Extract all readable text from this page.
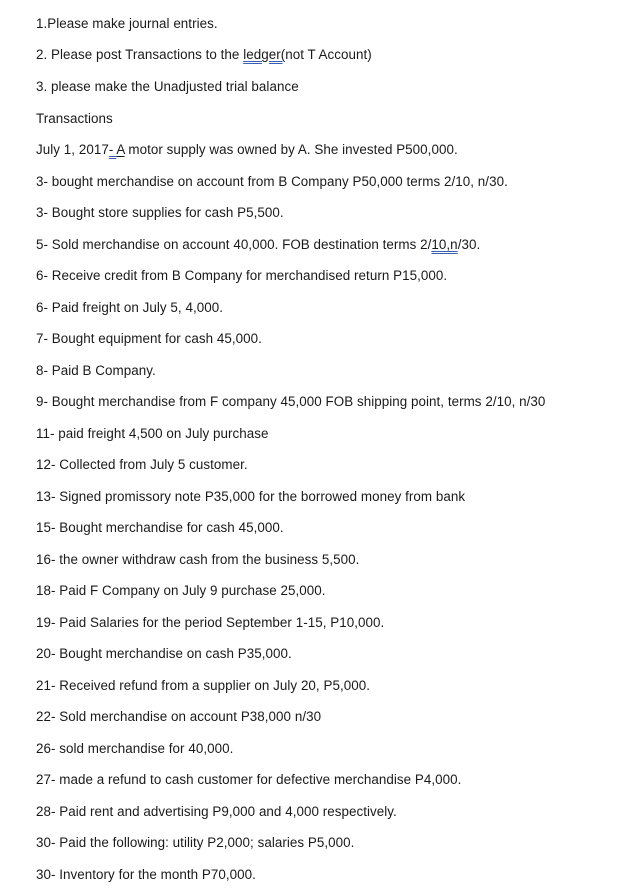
1.Please make journal entries.
2. Please post Transactions to the ledger(not T Account)
3. please make the Unadjusted trial balance
Transactions
July 1, 2017- A motor supply was owned by A. She invested P500,000.
3- bought merchandise on account from B Company P50,000 terms 2/10, n/30.
3- Bought store supplies for cash P5,500.
5- Sold merchandise on account 40,000. FOB destination terms 2/10,n/30.
6- Receive credit from B Company for merchandised return P15,000.
6- Paid freight on July 5, 4,000.
7- Bought equipment for cash 45,000.
8- Paid B Company.
9- Bought merchandise from F company 45,000 FOB shipping point, terms 2/10, n/30
11- paid freight 4,500 on July purchase
12- Collected from July 5 customer.
13- Signed promissory note P35,000 for the borrowed money from bank
15- Bought merchandise for cash 45,000.
16- the owner withdraw cash from the business 5,500.
18- Paid F Company on July 9 purchase 25,000.
19- Paid Salaries for the period September 1-15, P10,000.
20- Bought merchandise on cash P35,000.
21- Received refund from a supplier on July 20, P5,000.
22- Sold merchandise on account P38,000 n/30
26- sold merchandise for 40,000.
27- made a refund to cash customer for defective merchandise P4,000.
28- Paid rent and advertising P9,000 and 4,000 respectively.
30- Paid the following: utility P2,000; salaries P5,000.
30- Inventory for the month P70,000.
